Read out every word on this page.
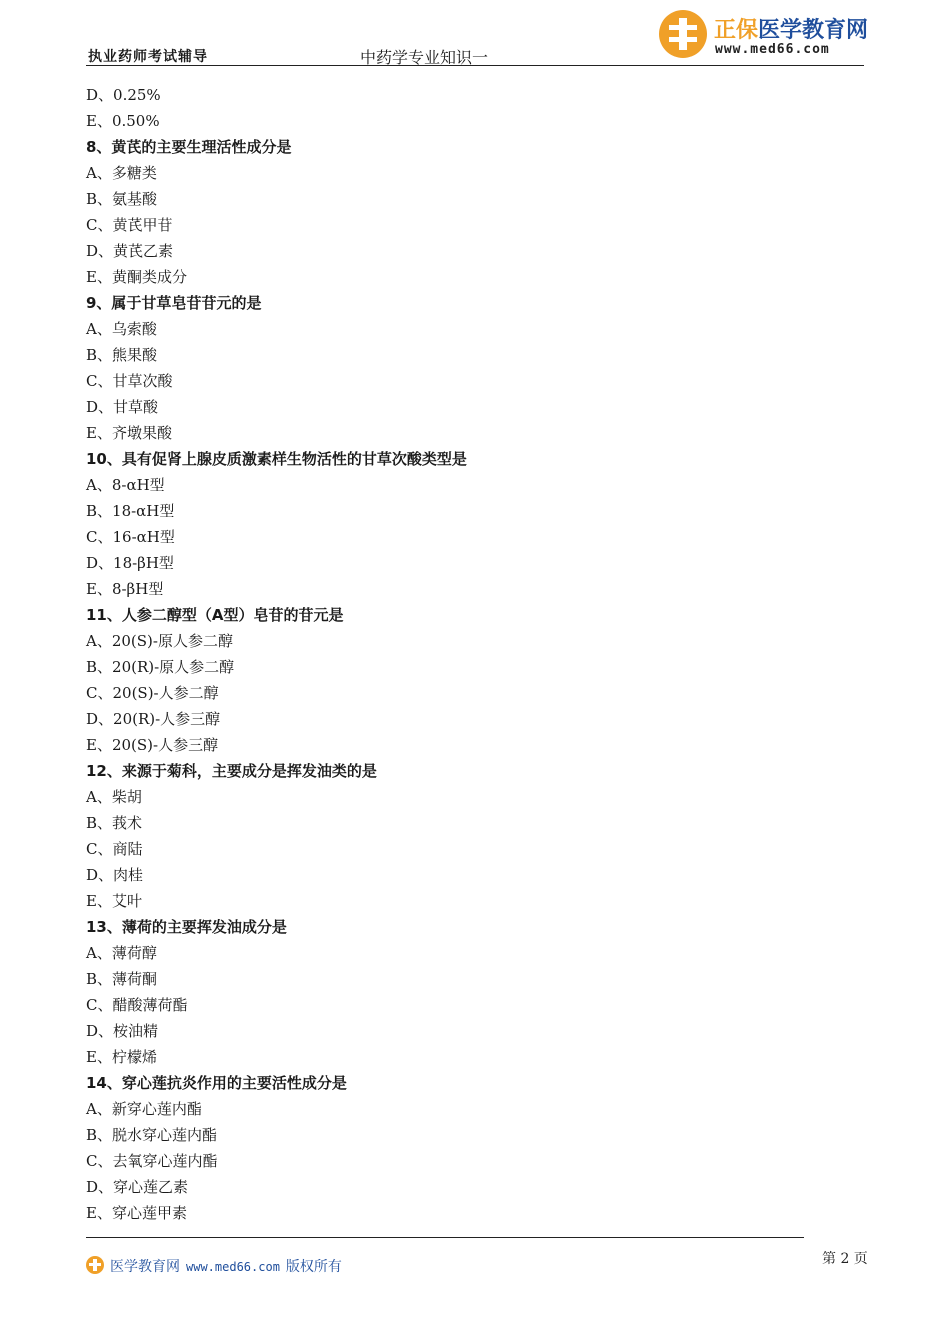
执业药师考试辅导	中药学专业知识一
正保医学教育网
www.med66.com
D、0.25%
E、0.50%
8、黄芪的主要生理活性成分是
A、多糖类
B、氨基酸
C、黄芪甲苷
D、黄芪乙素
E、黄酮类成分
9、属于甘草皂苷苷元的是
A、乌索酸
B、熊果酸
C、甘草次酸
D、甘草酸
E、齐墩果酸
10、具有促肾上腺皮质激素样生物活性的甘草次酸类型是
A、8-αH型
B、18-αH型
C、16-αH型
D、18-βH型
E、8-βH型
11、人参二醇型（A型）皂苷的苷元是
A、20(S)-原人参二醇
B、20(R)-原人参二醇
C、20(S)-人参二醇
D、20(R)-人参三醇
E、20(S)-人参三醇
12、来源于菊科，主要成分是挥发油类的是
A、柴胡
B、莪术
C、商陆
D、肉桂
E、艾叶
13、薄荷的主要挥发油成分是
A、薄荷醇
B、薄荷酮
C、醋酸薄荷酯
D、桉油精
E、柠檬烯
14、穿心莲抗炎作用的主要活性成分是
A、新穿心莲内酯
B、脱水穿心莲内酯
C、去氧穿心莲内酯
D、穿心莲乙素
E、穿心莲甲素
医学教育网 www.med66.com 版权所有	第 2 页
